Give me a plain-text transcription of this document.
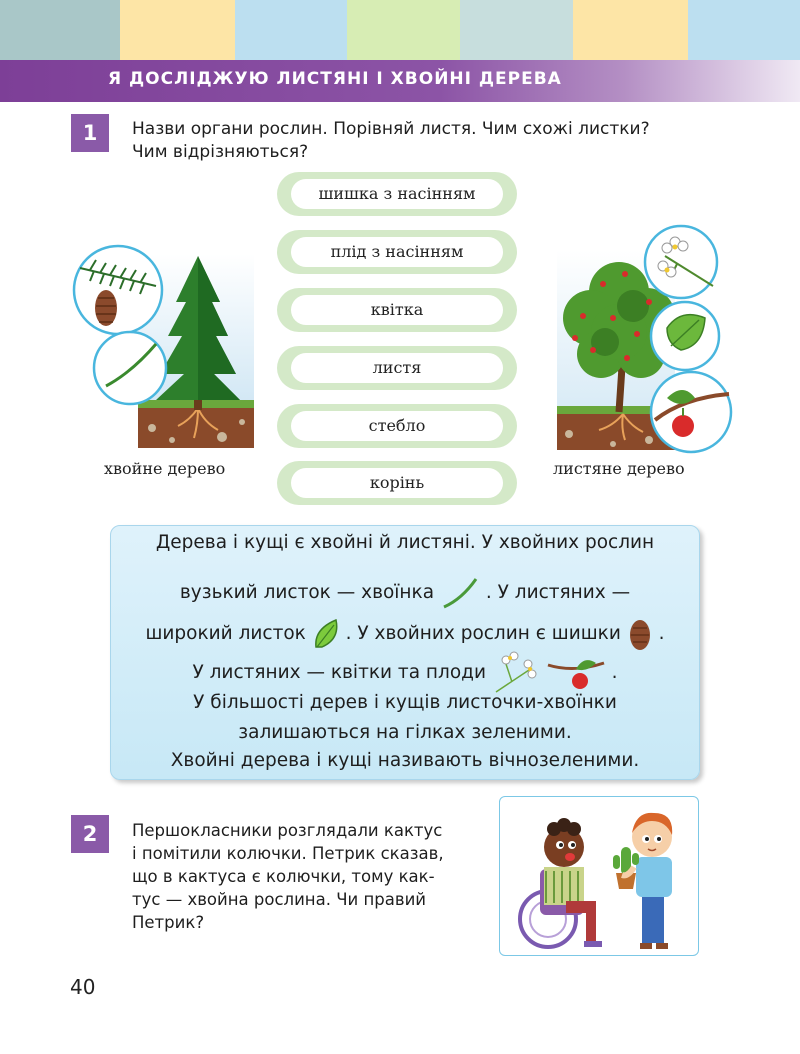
Я ДОСЛІДЖУЮ ЛИСТЯНІ І ХВОЙНІ ДЕРЕВА
1	Назви органи рослин. Порівняй листя. Чим схожі листки?
Чим відрізняються?
шишка з насінням
плід з насінням
квітка
листя
стебло
корінь
хвойне дерево	листяне дерево
Дерева і кущі є хвойні й листяні. У хвойних рослин
вузький листок — хвоїнка	. У листяних —
широкий листок . У хвойних рослин є шишки .
У листяних — квітки та плоди	.
У більшості дерев і кущів листочки-хвоїнки
залишаються на гілках зеленими.
Хвойні дерева і кущі називають вічнозеленими.
2	Першокласники розглядали кактус
і помітили колючки. Петрик сказав,
що в кактуса є колючки, тому как-
тус — хвойна рослина. Чи правий
Петрик?
40
